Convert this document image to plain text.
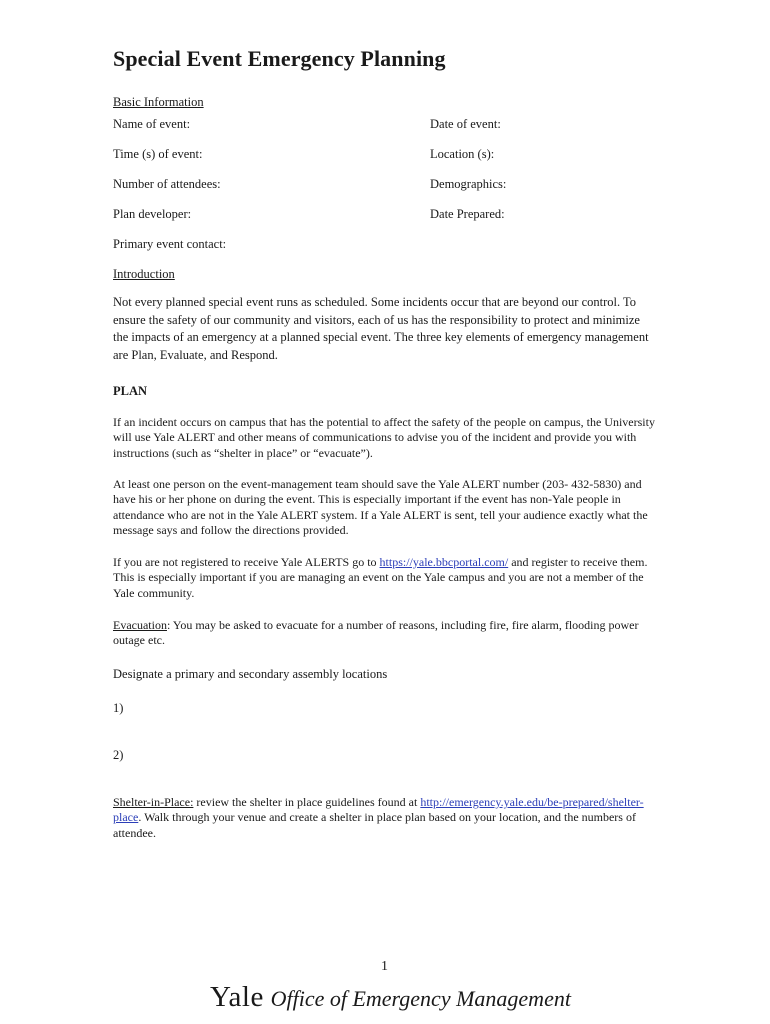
Special Event Emergency Planning
Basic Information
Name of event:	Date of event:
Time (s) of event:	Location (s):
Number of attendees:	Demographics:
Plan developer:	Date Prepared:
Primary event contact:
Introduction
Not every planned special event runs as scheduled. Some incidents occur that are beyond our control. To ensure the safety of our community and visitors, each of us has the responsibility to protect and minimize the impacts of an emergency at a planned special event. The three key elements of emergency management are Plan, Evaluate, and Respond.
PLAN
If an incident occurs on campus that has the potential to affect the safety of the people on campus, the University will use Yale ALERT and other means of communications to advise you of the incident and provide you with instructions (such as “shelter in place” or “evacuate”).
At least one person on the event-management team should save the Yale ALERT number (203- 432-5830) and have his or her phone on during the event. This is especially important if the event has non-Yale people in attendance who are not in the Yale ALERT system. If a Yale ALERT is sent, tell your audience exactly what the message says and follow the directions provided.
If you are not registered to receive Yale ALERTS go to https://yale.bbcportal.com/ and register to receive them. This is especially important if you are managing an event on the Yale campus and you are not a member of the Yale community.
Evacuation: You may be asked to evacuate for a number of reasons, including fire, fire alarm, flooding power outage etc.
Designate a primary and secondary assembly locations
1)
2)
Shelter-in-Place: review the shelter in place guidelines found at http://emergency.yale.edu/be-prepared/shelter-place. Walk through your venue and create a shelter in place plan based on your location, and the numbers of attendee.
1
Yale Office of Emergency Management
